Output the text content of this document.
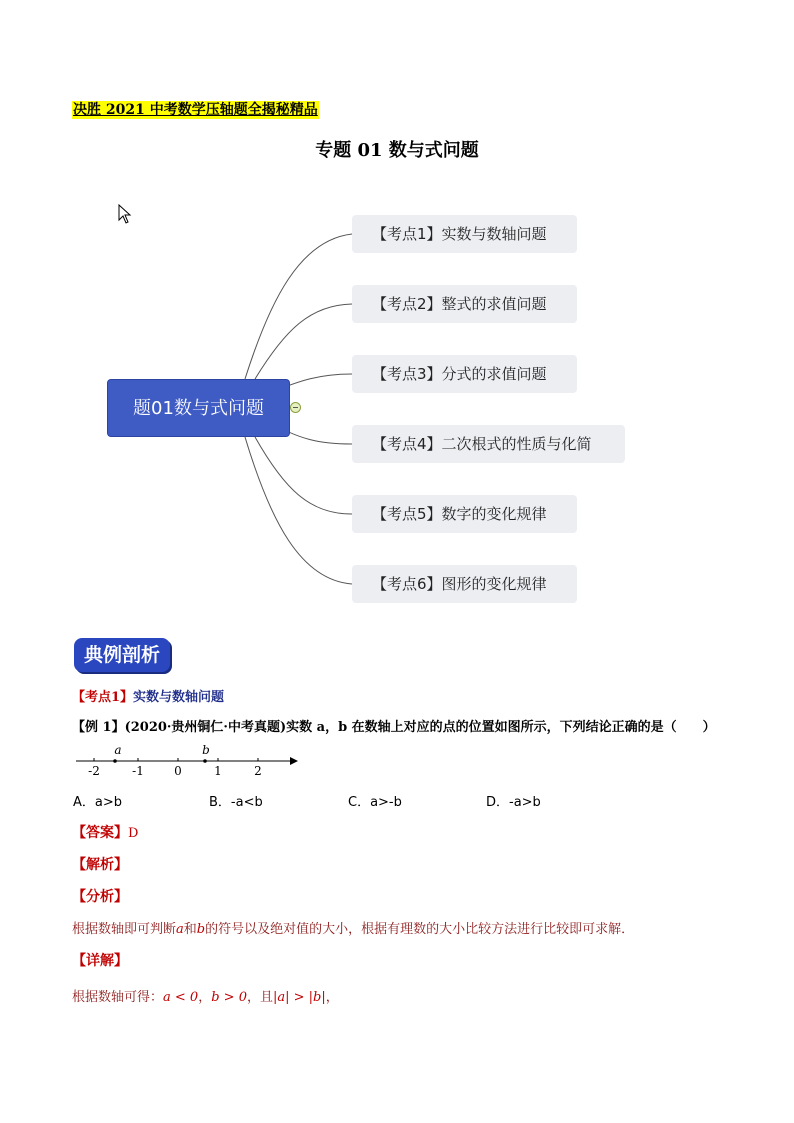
决胜 2021 中考数学压轴题全揭秘精品
专题 01 数与式问题
题01数与式问题
【考点1】实数与数轴问题
【考点2】整式的求值问题
【考点3】分式的求值问题
【考点4】二次根式的性质与化简
【考点5】数字的变化规律
【考点6】图形的变化规律
典例剖析
【考点1】实数与数轴问题
【例 1】(2020·贵州铜仁·中考真题)实数 a，b 在数轴上对应的点的位置如图所示，下列结论正确的是（　　）
a	b
-2	-1	0	1	2
A．a>b	B．-a<b	C．a>-b	D．-a>b
【答案】D
【解析】
【分析】
根据数轴即可判断a和b的符号以及绝对值的大小，根据有理数的大小比较方法进行比较即可求解．
【详解】
根据数轴可得：a < 0，b > 0，且|a| > |b|，
